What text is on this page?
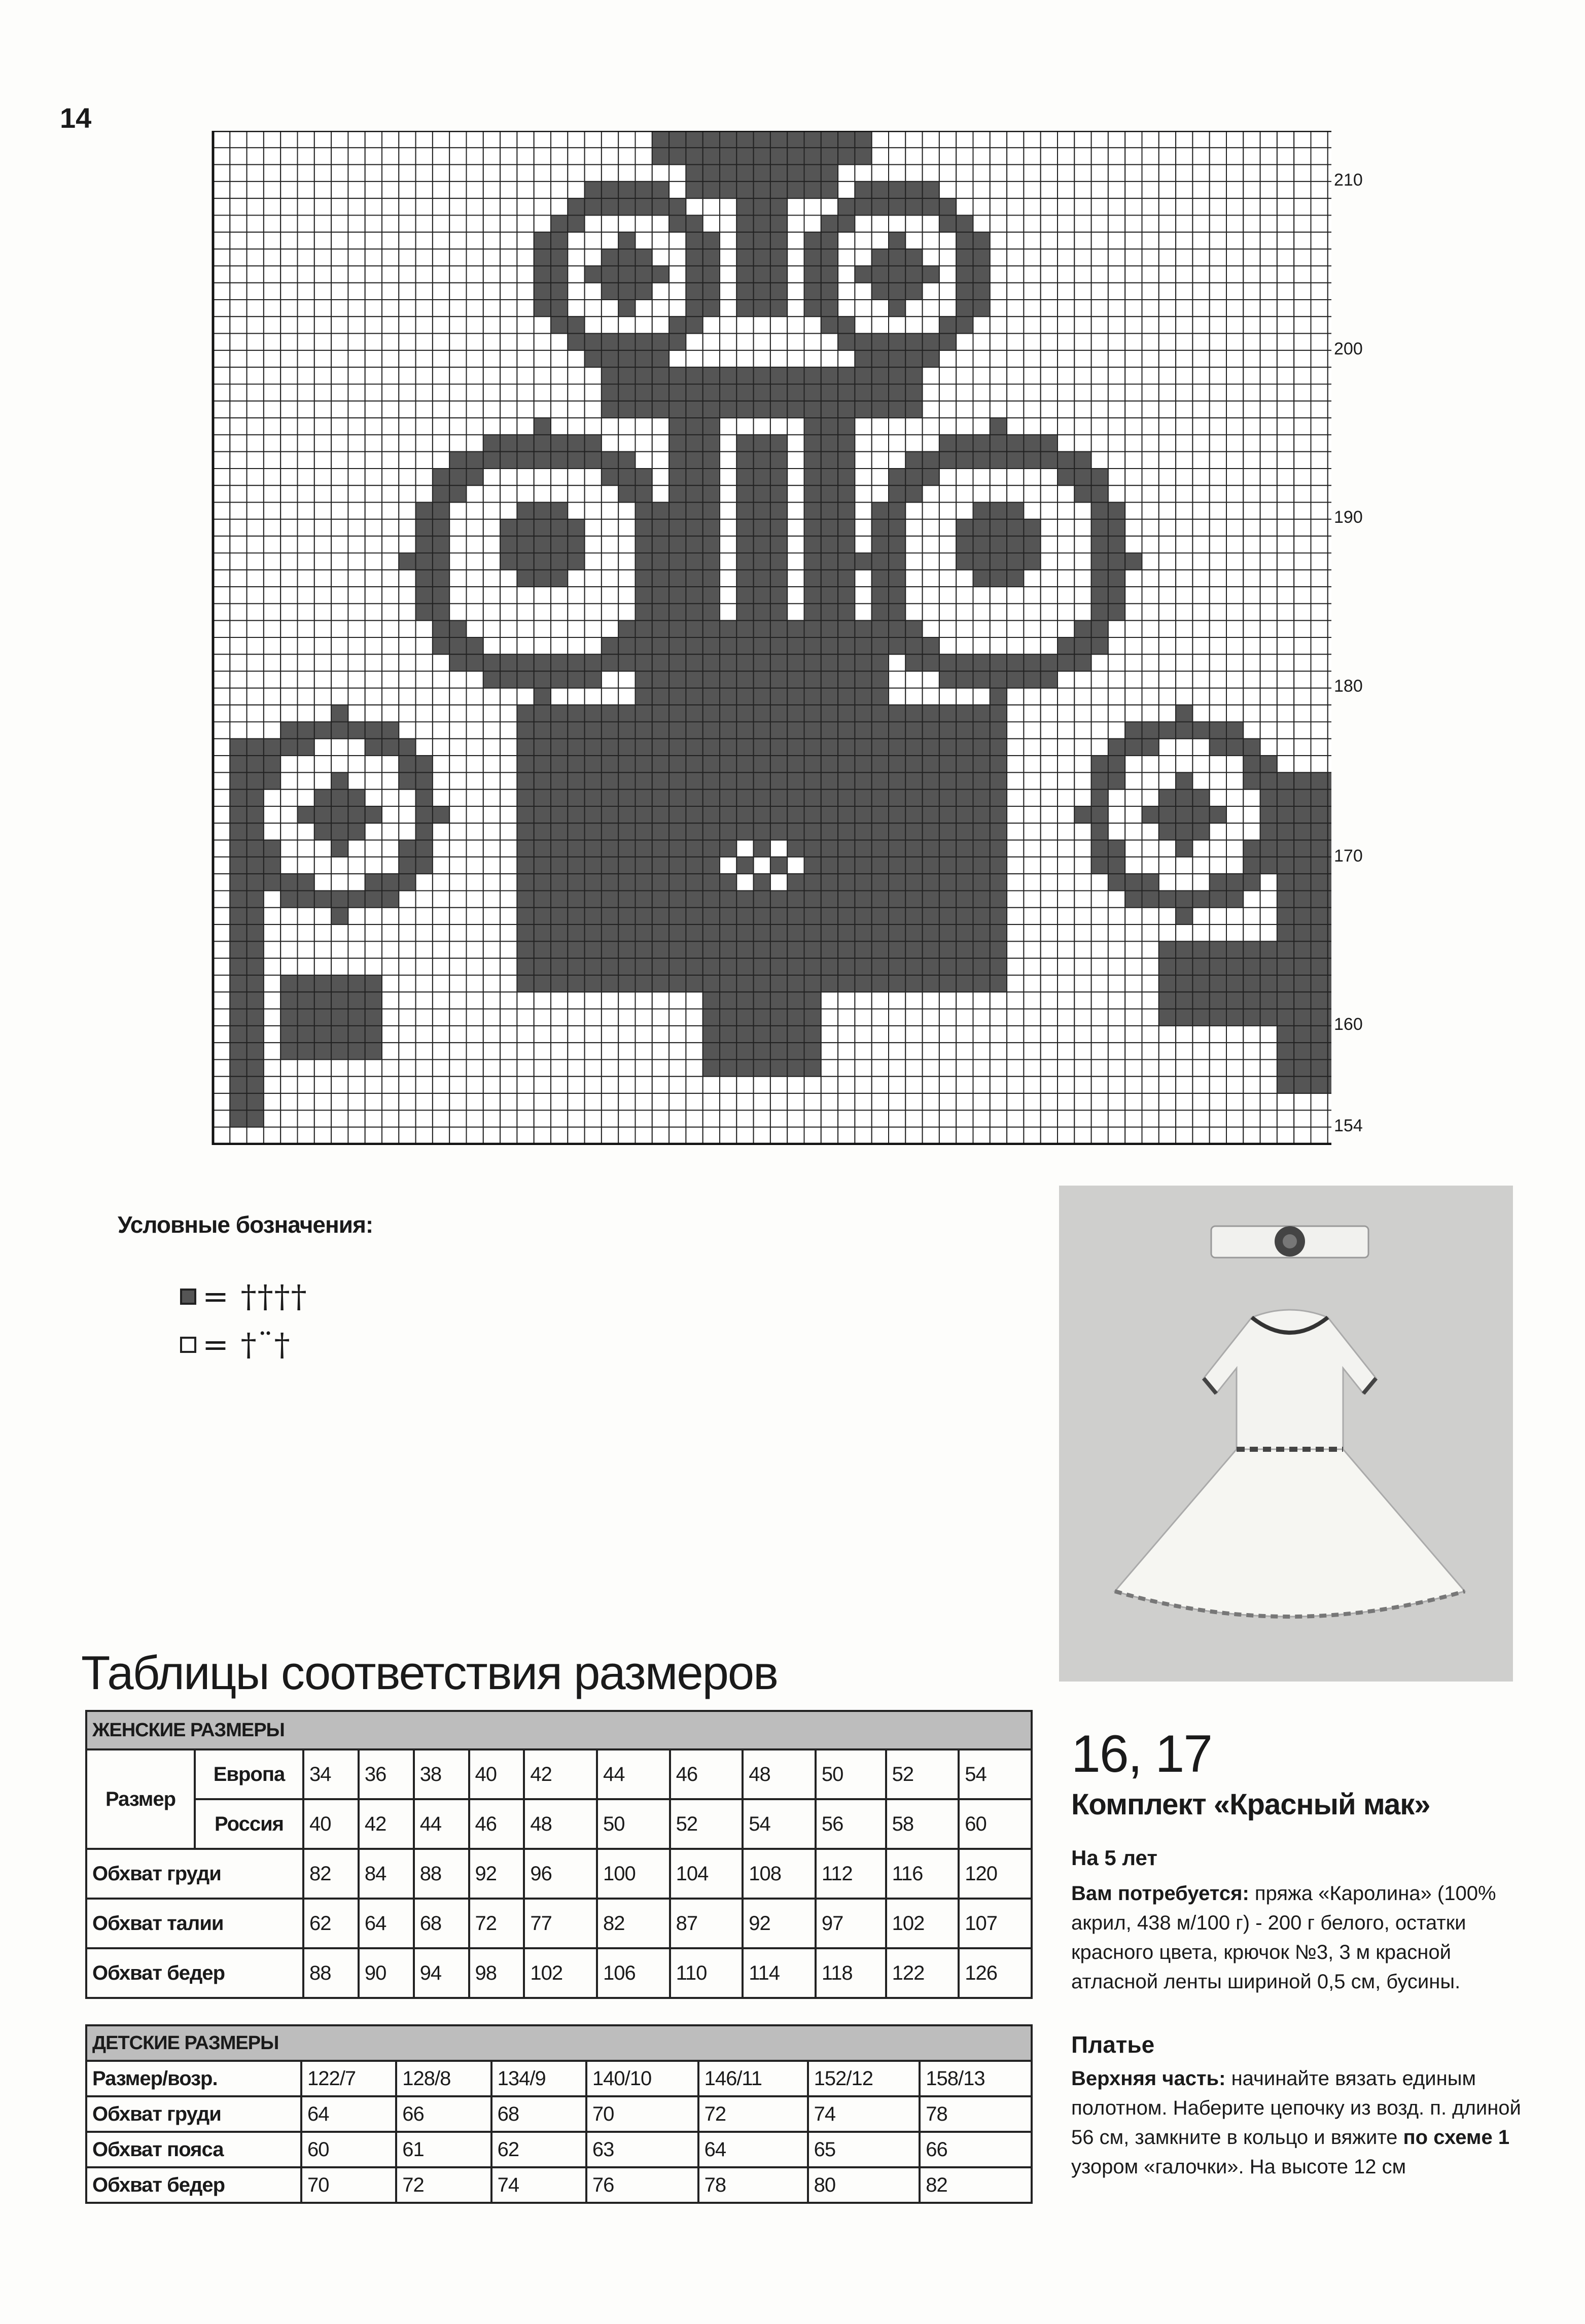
14
210
200
190
180
170
160
154
Условные бозначения:
= ††††
= †¨†
Таблицы соответствия размеров
ЖЕНСКИЕ РАЗМЕРЫ												
Размер	Европа	34	36	38	40	42	44	46	48	50	52	54
	Россия	40	42	44	46	48	50	52	54	56	58	60
Обхват груди		82	84	88	92	96	100	104	108	112	116	120
Обхват талии		62	64	68	72	77	82	87	92	97	102	107
Обхват бедер		88	90	94	98	102	106	110	114	118	122	126
ДЕТСКИЕ РАЗМЕРЫ							
Размер/возр.	122/7	128/8	134/9	140/10	146/11	152/12	158/13
Обхват груди	64	66	68	70	72	74	78
Обхват пояса	60	61	62	63	64	65	66
Обхват бедер	70	72	74	76	78	80	82
16, 17
Комплект «Красный мак»
На 5 лет
Вам потребуется: пряжа «Каролина» (100% акрил, 438 м/100 г) - 200 г белого, остатки красного цвета, крючок №3, 3 м красной атласной ленты шириной 0,5 см, бусины.
Платье
Верхняя часть: начинайте вязать единым полотном. Наберите цепочку из возд. п. длиной 56 см, замкните в кольцо и вяжите по схеме 1 узором «галочки». На высоте 12 см
